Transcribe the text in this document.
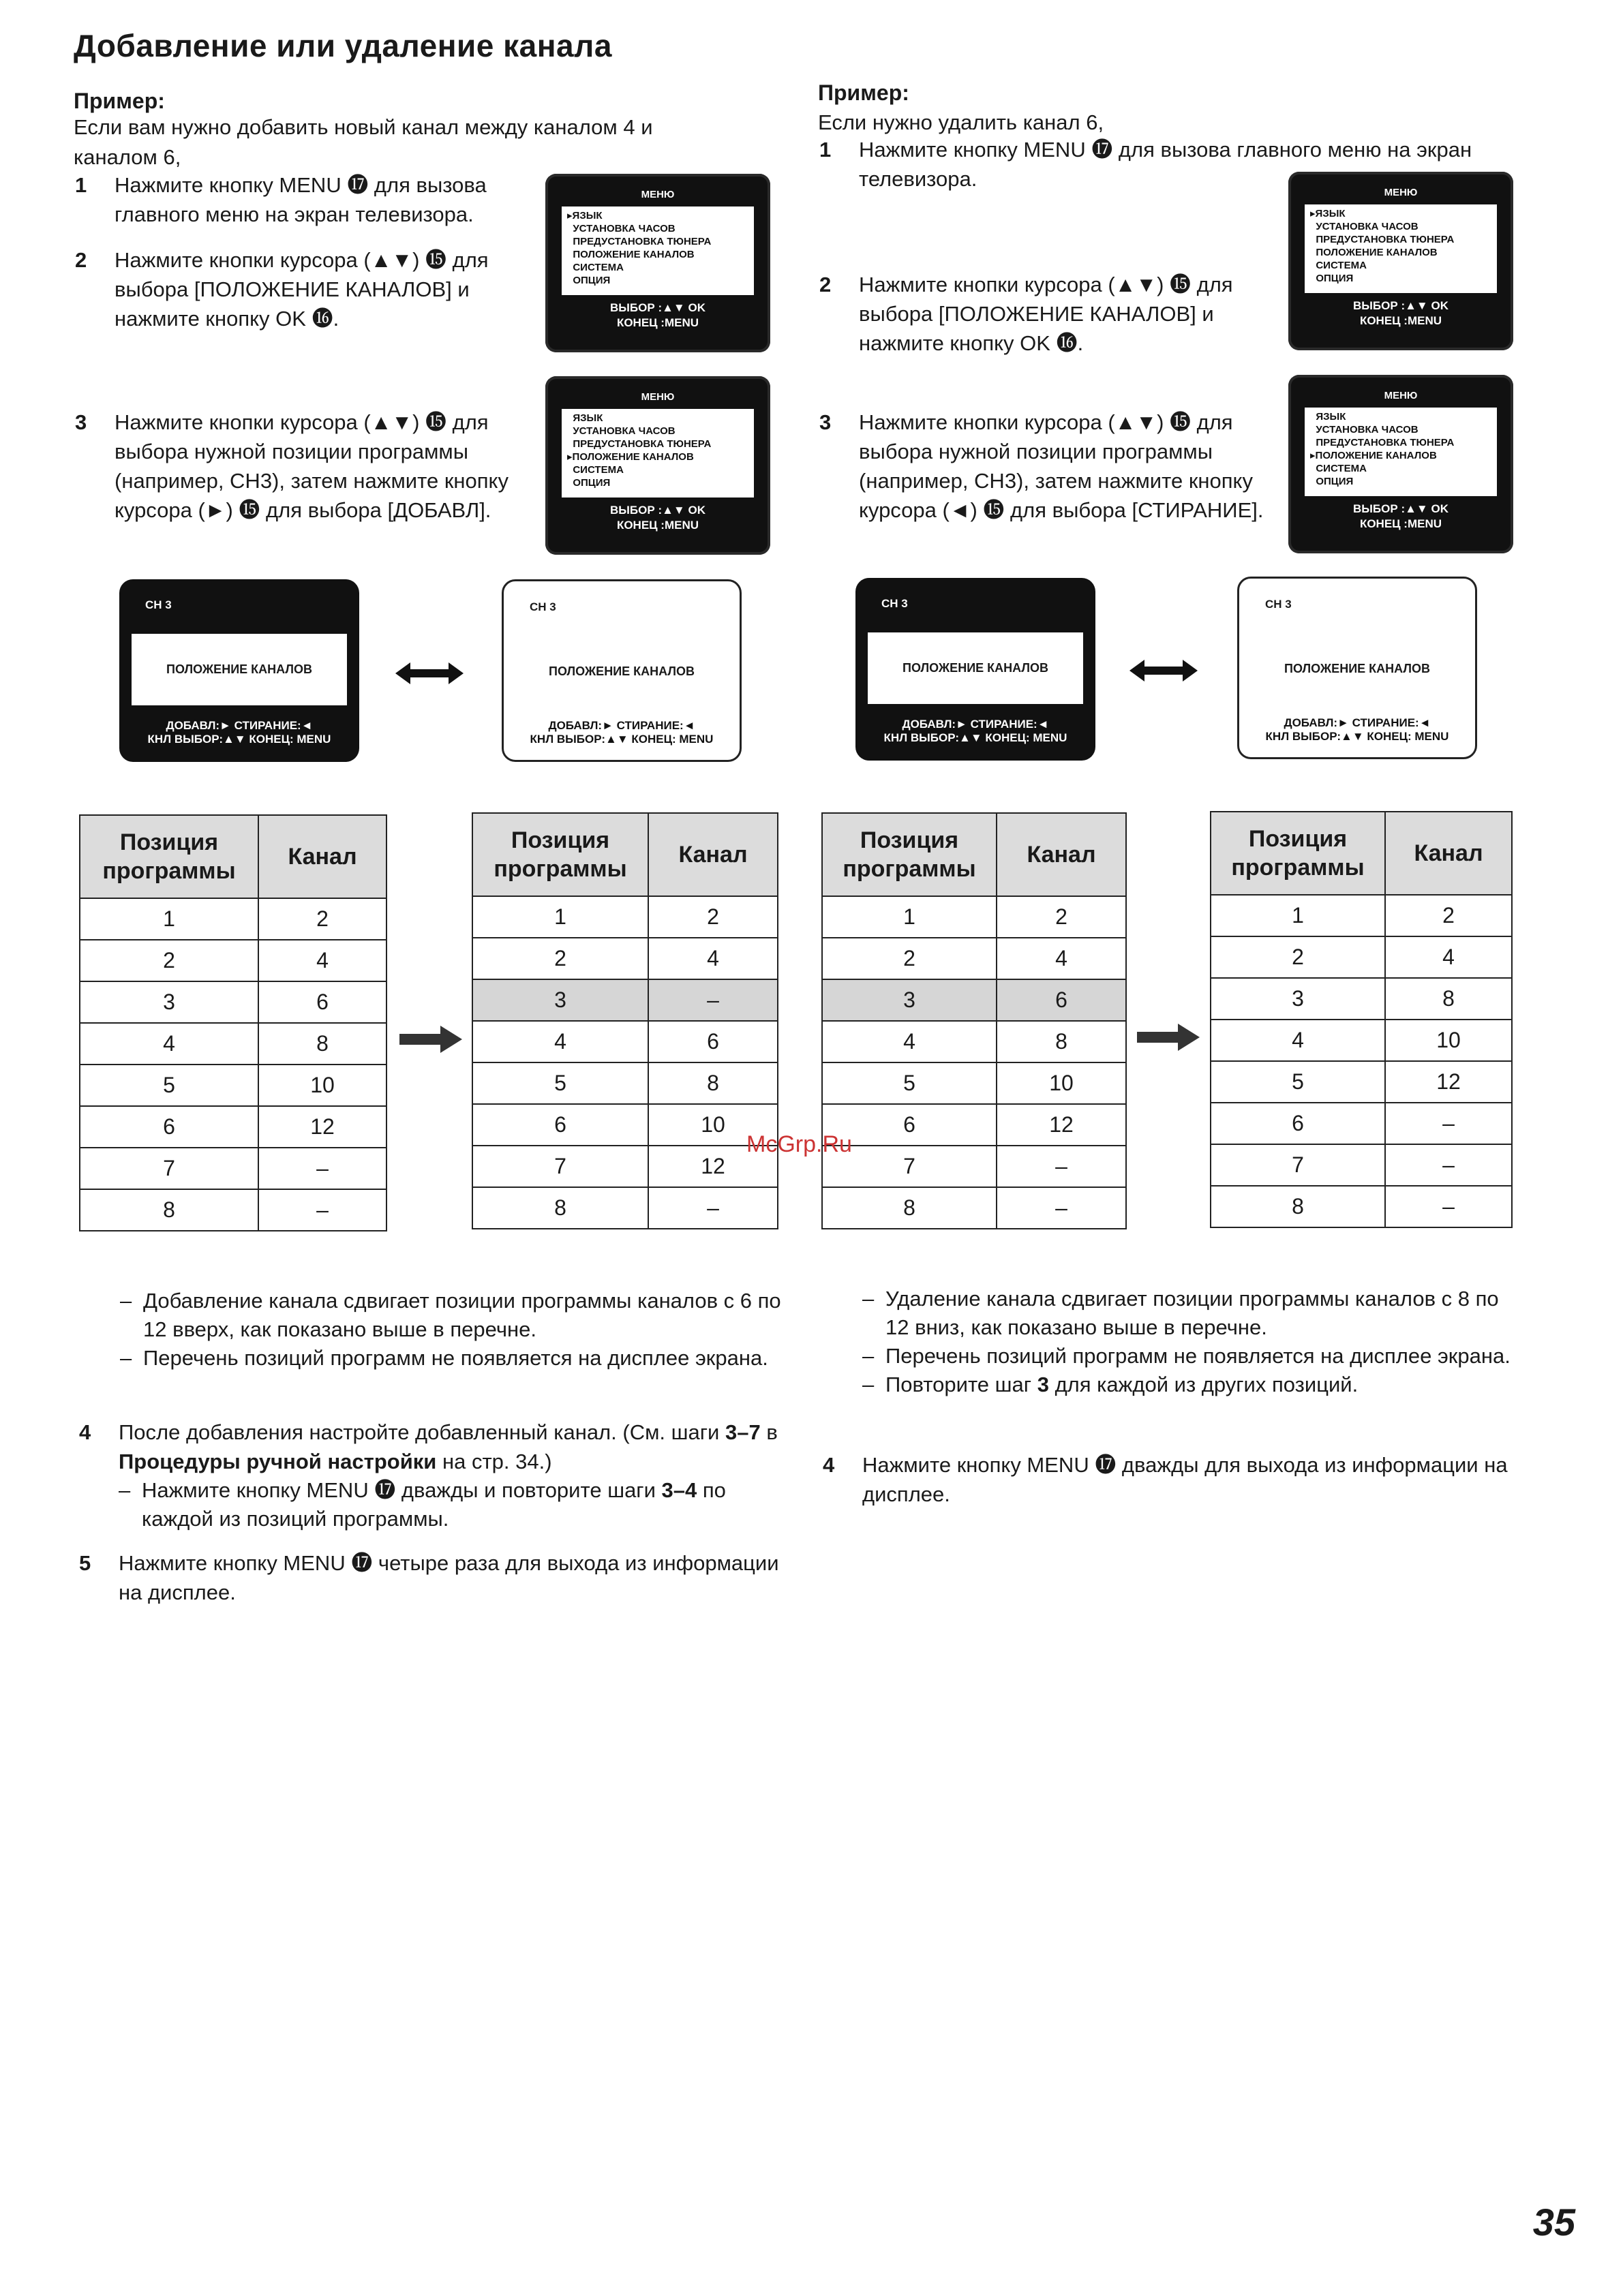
Добавление или удаление канала
Пример:
Если вам нужно добавить новый канал между каналом 4 и каналом 6,
1 Нажмите кнопку MENU ⓱ для вызова главного меню на экран телевизора.
2 Нажмите кнопки курсора (▲▼) ⓯ для выбора [ПОЛОЖЕНИЕ КАНАЛОВ] и нажмите кнопку OK ⓰.
3 Нажмите кнопки курсора (▲▼) ⓯ для выбора нужной позиции программы (например, CH3), затем нажмите кнопку курсора (►) ⓯ для выбора [ДОБАВЛ].
Пример:
Если нужно удалить канал 6,
1 Нажмите кнопку MENU ⓱ для вызова главного меню на экран телевизора.
2 Нажмите кнопки курсора (▲▼) ⓯ для выбора [ПОЛОЖЕНИЕ КАНАЛОВ] и нажмите кнопку OK ⓰.
3 Нажмите кнопки курсора (▲▼) ⓯ для выбора нужной позиции программы (например, CH3), затем нажмите кнопку курсора (◄) ⓯ для выбора [СТИРАНИЕ].
МЕНЮ
▸ЯЗЫК
УСТАНОВКА ЧАСОВ
ПРЕДУСТАНОВКА ТЮНЕРА
ПОЛОЖЕНИЕ КАНАЛОВ
СИСТЕМА
ОПЦИЯ
ВЫБОР :▲▼ OK
КОНЕЦ :MENU
МЕНЮ
ЯЗЫК
УСТАНОВКА ЧАСОВ
ПРЕДУСТАНОВКА ТЮНЕРА
▸ПОЛОЖЕНИЕ КАНАЛОВ
СИСТЕМА
ОПЦИЯ
ВЫБОР :▲▼ OK
КОНЕЦ :MENU
МЕНЮ
▸ЯЗЫК
УСТАНОВКА ЧАСОВ
ПРЕДУСТАНОВКА ТЮНЕРА
ПОЛОЖЕНИЕ КАНАЛОВ
СИСТЕМА
ОПЦИЯ
ВЫБОР :▲▼ OK
КОНЕЦ :MENU
МЕНЮ
ЯЗЫК
УСТАНОВКА ЧАСОВ
ПРЕДУСТАНОВКА ТЮНЕРА
▸ПОЛОЖЕНИЕ КАНАЛОВ
СИСТЕМА
ОПЦИЯ
ВЫБОР :▲▼ OK
КОНЕЦ :MENU
CH 3
ПОЛОЖЕНИЕ КАНАЛОВ
ДОБАВЛ:► СТИРАНИЕ:◄
КНЛ ВЫБОР:▲▼ КОНЕЦ: MENU
CH 3
ПОЛОЖЕНИЕ КАНАЛОВ
ДОБАВЛ:► СТИРАНИЕ:◄
КНЛ ВЫБОР:▲▼ КОНЕЦ: MENU
CH 3
ПОЛОЖЕНИЕ КАНАЛОВ
ДОБАВЛ:► СТИРАНИЕ:◄
КНЛ ВЫБОР:▲▼ КОНЕЦ: MENU
CH 3
ПОЛОЖЕНИЕ КАНАЛОВ
ДОБАВЛ:► СТИРАНИЕ:◄
КНЛ ВЫБОР:▲▼ КОНЕЦ: MENU
Позиция
программы	Канал
1	2
2	4
3	6
4	8
5	10
6	12
7	–
8	–
Позиция
программы	Канал
1	2
2	4
3	–
4	6
5	8
6	10
7	12
8	–
Позиция
программы	Канал
1	2
2	4
3	6
4	8
5	10
6	12
7	–
8	–
Позиция
программы	Канал
1	2
2	4
3	8
4	10
5	12
6	–
7	–
8	–
– Добавление канала сдвигает позиции программы каналов с 6 по 12 вверх, как показано выше в перечне.
– Перечень позиций программ не появляется на дисплее экрана.
4 После добавления настройте добавленный канал. (См. шаги 3–7 в Процедуры ручной настройки на стр. 34.)
– Нажмите кнопку MENU ⓱ дважды и повторите шаги 3–4 по каждой из позиций программы.
5 Нажмите кнопку MENU ⓱ четыре раза для выхода из информации на дисплее.
– Удаление канала сдвигает позиции программы каналов с 8 по 12 вниз, как показано выше в перечне.
– Перечень позиций программ не появляется на дисплее экрана.
– Повторите шаг 3 для каждой из других позиций.
4 Нажмите кнопку MENU ⓱ дважды для выхода из информации на дисплее.
McGrp.Ru
35
